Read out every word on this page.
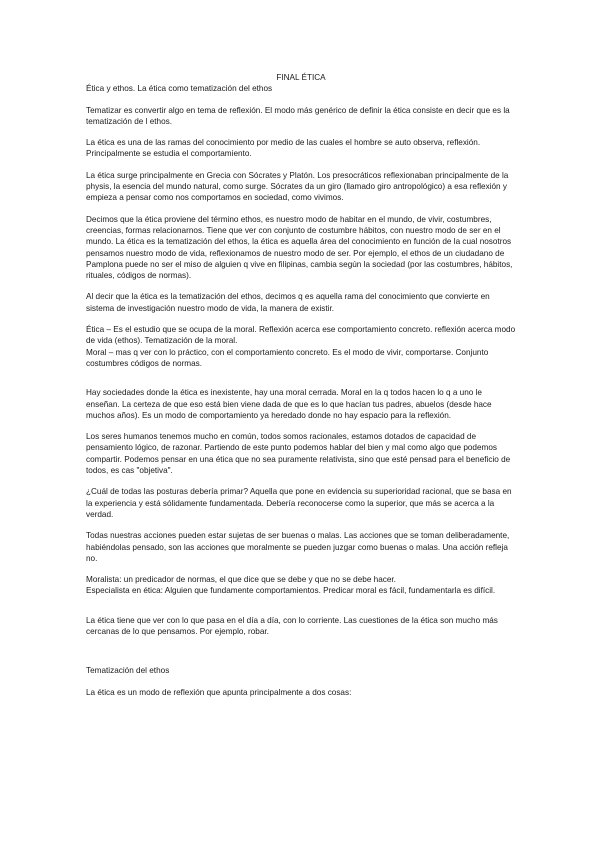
FINAL ÉTICA

Ética y ethos. La ética como tematización del ethos

Tematizar es convertir algo en tema de reflexión. El modo más genérico de definir la ética consiste en decir que es la tematización de l ethos.

La ética es una de las ramas del conocimiento por medio de las cuales el hombre se auto observa, reflexión. Principalmente se estudia el comportamiento.

La ética surge principalmente en Grecia con Sócrates y Platón. Los presocráticos reflexionaban principalmente de la physis, la esencia del mundo natural, como surge. Sócrates da un giro (llamado giro antropológico) a esa reflexión y empieza a pensar como nos comportamos en sociedad, como vivimos.

Decimos que la ética proviene del término ethos, es nuestro modo de habitar en el mundo, de vivir, costumbres, creencias, formas relacionarnos. Tiene que ver con conjunto de costumbre hábitos, con nuestro modo de ser en el mundo. La ética es la tematización del ethos, la ética es aquella área del conocimiento en función de la cual nosotros pensamos nuestro modo de vida, reflexionamos de nuestro modo de ser. Por ejemplo, el ethos de un ciudadano de Pamplona puede no ser el miso de alguien q vive en filipinas, cambia según la sociedad (por las costumbres, hábitos, rituales, códigos de normas).

Al decir que la ética es la tematización del ethos, decimos q es aquella rama del conocimiento que convierte en sistema de investigación nuestro modo de vida, la manera de existir.

Ética – Es el estudio que se ocupa de la moral. Reflexión acerca ese comportamiento concreto. reflexión acerca modo de vida (ethos). Tematización de la moral.

Moral – mas q ver con lo práctico, con el comportamiento concreto. Es el modo de vivir, comportarse. Conjunto costumbres códigos de normas.

Hay sociedades donde la ética es inexistente, hay una moral cerrada. Moral en la q todos hacen lo q a uno le enseñan. La certeza de que eso está bien viene dada de que es lo que hacían tus padres, abuelos (desde hace muchos años). Es un modo de comportamiento ya heredado donde no hay espacio para la reflexión.

Los seres humanos tenemos mucho en común, todos somos racionales, estamos dotados de capacidad de pensamiento lógico, de razonar. Partiendo de este punto podemos hablar del bien y mal como algo que podemos compartir. Podemos pensar en una ética que no sea puramente relativista, sino que esté pensad para el beneficio de todos, es cas "objetiva".

¿Cuál de todas las posturas debería primar? Aquella que pone en evidencia su superioridad racional, que se basa en la experiencia y está sólidamente fundamentada. Debería reconocerse como la superior, que más se acerca a la verdad.

Todas nuestras acciones pueden estar sujetas de ser buenas o malas. Las acciones que se toman deliberadamente, habiéndolas pensado, son las acciones que moralmente se pueden juzgar como buenas o malas. Una acción refleja no.

Moralista: un predicador de normas, el que dice que se debe y que no se debe hacer.

Especialista en ética: Alguien que fundamente comportamientos. Predicar moral es fácil, fundamentarla es difícil.

La ética tiene que ver con lo que pasa en el día a día, con lo corriente. Las cuestiones de la ética son mucho más cercanas de lo que pensamos. Por ejemplo, robar.

Tematización del ethos

La ética es un modo de reflexión que apunta principalmente a dos cosas:
